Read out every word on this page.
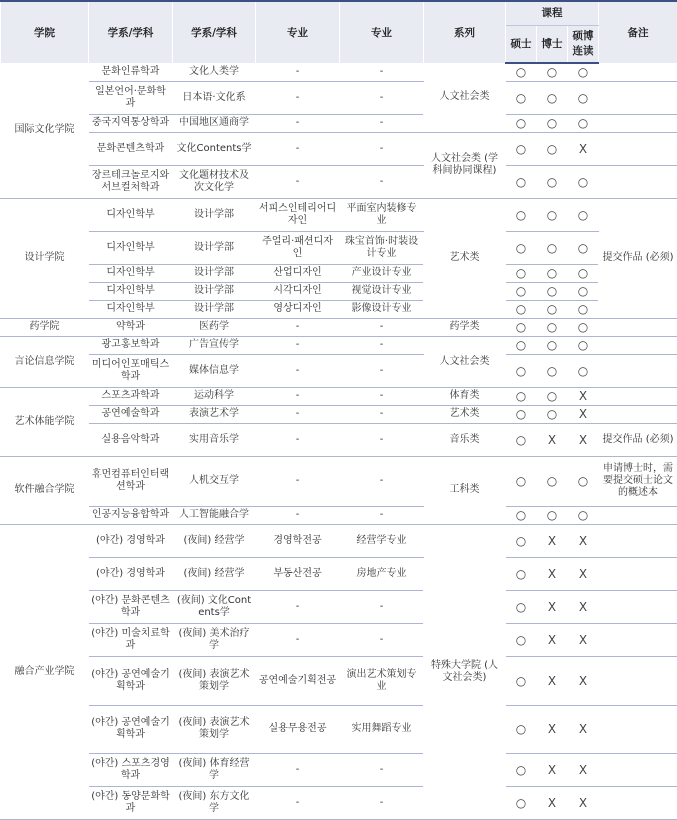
学院	学系/学科	学系/学科	专业	专业	系列	课程			备注
						硕士	博士	硕博连读	
国际文化学院	문화인류학과	文化人类学	-	-	人文社会类	○	○	○	
	일본언어·문화학과	日本语·文化系	-	-		○	○	○	
	중국지역통상학과	中国地区通商学	-	-		○	○	○	
	문화콘텐츠학과	文化Contents学	-	-	人文社会类 (学科间协同课程)	○	○	X	
	장르테크놀로지와 서브컬처학과	文化题材技术及次文化学	-	-		○	○	○	
设计学院	디자인학부	设计学部	서피스인테리어디자인	平面室内装修专业	艺术类	○	○	○	提交作品 (必须)
	디자인학부	设计学部	주얼리·패션디자인	珠宝首饰·时装设计专业		○	○	○	
	디자인학부	设计学部	산업디자인	产业设计专业		○	○	○	
	디자인학부	设计学部	시각디자인	视觉设计专业		○	○	○	
	디자인학부	设计学部	영상디자인	影像设计专业		○	○	○	
药学院	약학과	医药学	-	-	药学类	○	○	○	
言论信息学院	광고홍보학과	广告宣传学	-	-	人文社会类	○	○	○	
	미디어인포매틱스학과	媒体信息学	-	-		○	○	○	
艺术体能学院	스포츠과학과	运动科学	-	-	体育类	○	○	X	
	공연예술학과	表演艺术学	-	-	艺术类	○	○	X	
	실용음악학과	实用音乐学	-	-	音乐类	○	X	X	提交作品 (必须)
软件融合学院	휴먼컴퓨터인터랙션학과	人机交互学	-	-	工科类	○	○	○	申请博士时，需要提交硕士论文的概述本
	인공지능융합학과	人工智能融合学	-	-		○	○	○	
融合产业学院	(야간) 경영학과	(夜间) 经营学	경영학전공	经营学专业	特殊大学院 (人文社会类)	○	X	X	
	(야간) 경영학과	(夜间) 经营学	부동산전공	房地产专业		○	X	X	
	(야간) 문화콘텐츠학과	(夜间) 文化Contents学	-	-		○	X	X	
	(야간) 미술치료학과	(夜间) 美术治疗学	-	-		○	X	X	
	(야간) 공연예술기획학과	(夜间) 表演艺术策划学	공연예술기획전공	演出艺术策划专业		○	X	X	
	(야간) 공연예술기획학과	(夜间) 表演艺术策划学	실용무용전공	实用舞蹈专业		○	X	X	
	(야간) 스포츠경영학과	(夜间) 体育经营学	-	-		○	X	X	
	(야간) 동양문화학과	(夜间) 东方文化学	-	-		○	X	X	
